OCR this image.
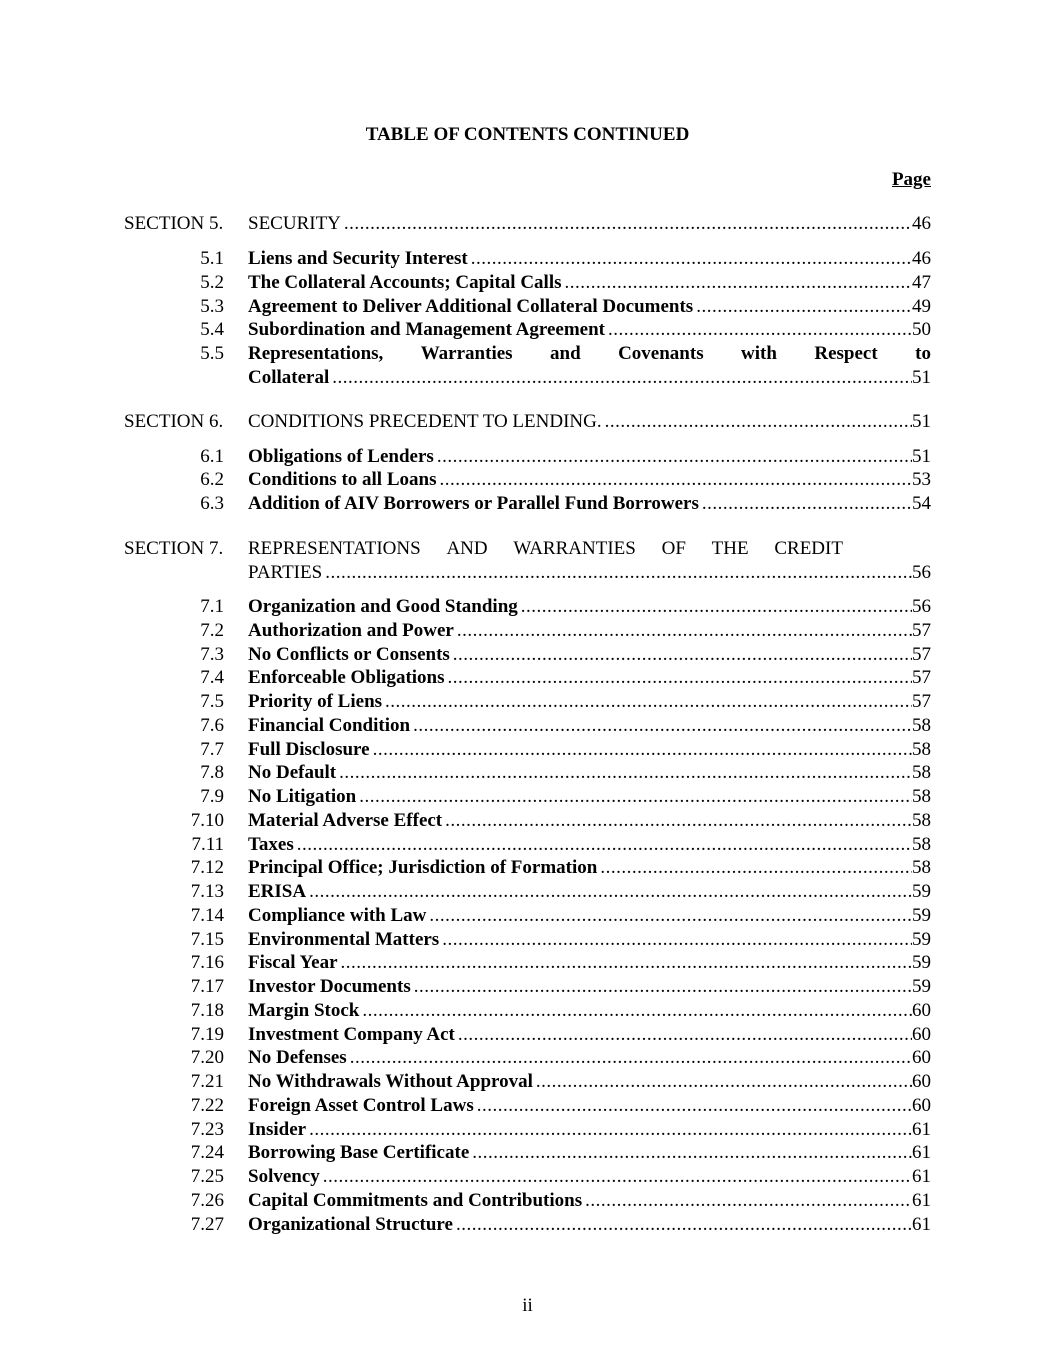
TABLE OF CONTENTS CONTINUED
Page
SECTION 5. SECURITY .....	46
5.1 Liens and Security Interest .....	46
5.2 The Collateral Accounts; Capital Calls .....	47
5.3 Agreement to Deliver Additional Collateral Documents .....	49
5.4 Subordination and Management Agreement .....	50
5.5 Representations, Warranties and Covenants with Respect to
Collateral .....	51
SECTION 6. CONDITIONS PRECEDENT TO LENDING. .....	51
6.1 Obligations of Lenders .....	51
6.2 Conditions to all Loans .....	53
6.3 Addition of AIV Borrowers or Parallel Fund Borrowers .....	54
SECTION 7. REPRESENTATIONS AND WARRANTIES OF THE CREDIT
PARTIES .....	56
7.1 Organization and Good Standing .....	56
7.2 Authorization and Power .....	57
7.3 No Conflicts or Consents .....	57
7.4 Enforceable Obligations .....	57
7.5 Priority of Liens .....	57
7.6 Financial Condition .....	58
7.7 Full Disclosure .....	58
7.8 No Default .....	58
7.9 No Litigation .....	58
7.10 Material Adverse Effect .....	58
7.11 Taxes .....	58
7.12 Principal Office; Jurisdiction of Formation .....	58
7.13 ERISA .....	59
7.14 Compliance with Law .....	59
7.15 Environmental Matters .....	59
7.16 Fiscal Year .....	59
7.17 Investor Documents .....	59
7.18 Margin Stock .....	60
7.19 Investment Company Act .....	60
7.20 No Defenses .....	60
7.21 No Withdrawals Without Approval .....	60
7.22 Foreign Asset Control Laws .....	60
7.23 Insider .....	61
7.24 Borrowing Base Certificate .....	61
7.25 Solvency .....	61
7.26 Capital Commitments and Contributions .....	61
7.27 Organizational Structure .....	61
ii
